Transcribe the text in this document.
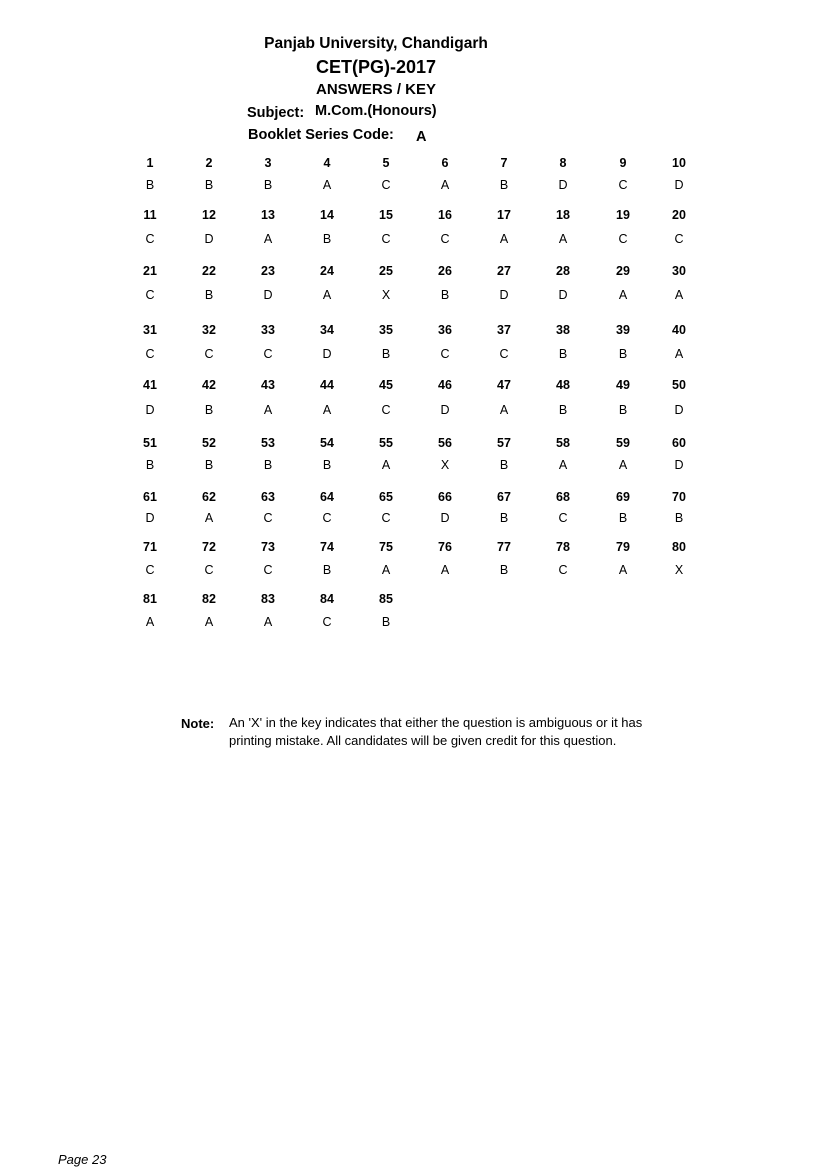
Panjab University, Chandigarh
CET(PG)-2017
ANSWERS / KEY
Subject: M.Com.(Honours)
Booklet Series Code: A
1
B
2
B
3
B
4
A
5
C
6
A
7
B
8
D
9
C
10
D
11
C
12
D
13
A
14
B
15
C
16
C
17
A
18
A
19
C
20
C
21
C
22
B
23
D
24
A
25
X
26
B
27
D
28
D
29
A
30
A
31
C
32
C
33
C
34
D
35
B
36
C
37
C
38
B
39
B
40
A
41
D
42
B
43
A
44
A
45
C
46
D
47
A
48
B
49
B
50
D
51
B
52
B
53
B
54
B
55
A
56
X
57
B
58
A
59
A
60
D
61
D
62
A
63
C
64
C
65
C
66
D
67
B
68
C
69
B
70
B
71
C
72
C
73
C
74
B
75
A
76
A
77
B
78
C
79
A
80
X
81
A
82
A
83
A
84
C
85
B
Note: An 'X' in the key indicates that either the question is ambiguous or it has
printing mistake. All candidates will be given credit for this question.
Page 23
